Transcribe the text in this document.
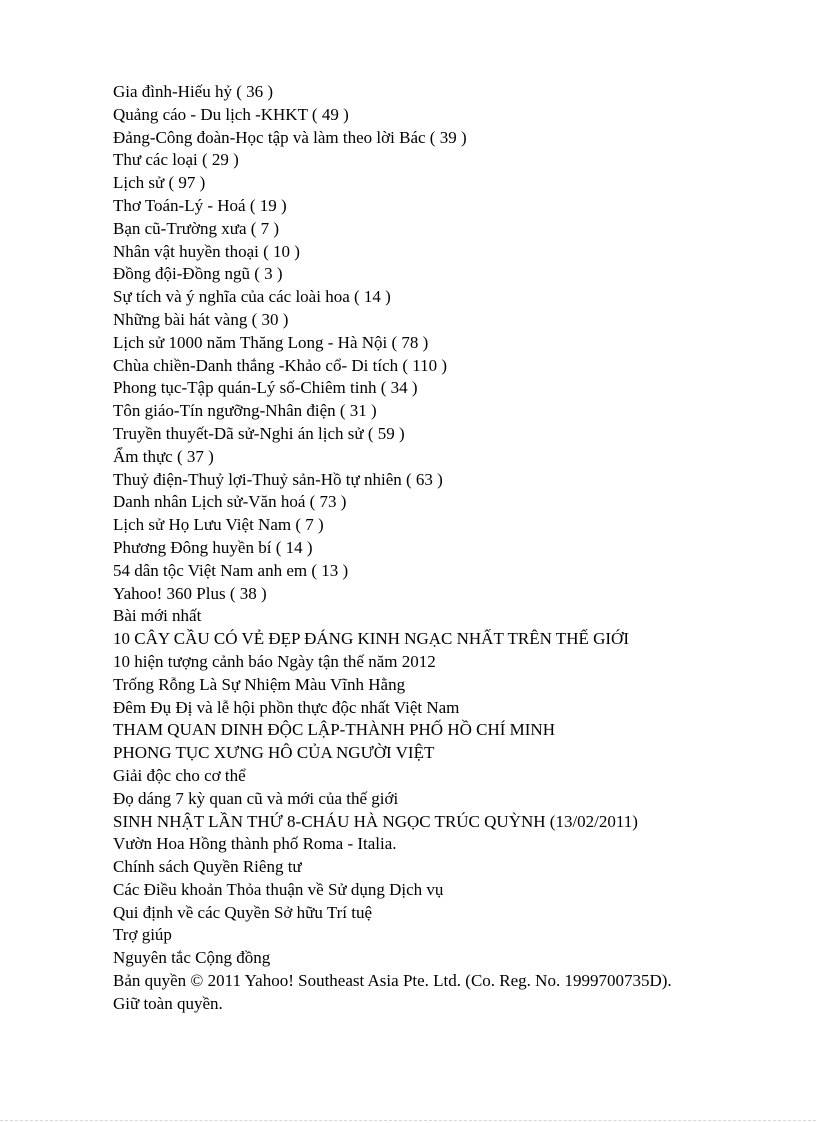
Gia đình-Hiếu hỷ ( 36 )
Quảng cáo - Du lịch -KHKT ( 49 )
Đảng-Công đoàn-Học tập và làm theo lời Bác ( 39 )
Thư các loại ( 29 )
Lịch sử ( 97 )
Thơ Toán-Lý - Hoá ( 19 )
Bạn cũ-Trường xưa ( 7 )
Nhân vật huyền thoại ( 10 )
Đồng đội-Đồng ngũ ( 3 )
Sự tích và ý nghĩa của các loài hoa ( 14 )
Những bài hát vàng ( 30 )
Lịch sử 1000 năm Thăng Long - Hà Nội ( 78 )
Chùa chiền-Danh thắng -Khảo cổ- Di tích ( 110 )
Phong tục-Tập quán-Lý số-Chiêm tinh ( 34 )
Tôn giáo-Tín ngưỡng-Nhân điện ( 31 )
Truyền thuyết-Dã sử-Nghi án lịch sử ( 59 )
Ẩm thực ( 37 )
Thuỷ điện-Thuỷ lợi-Thuỷ sản-Hồ tự nhiên ( 63 )
Danh nhân Lịch sử-Văn hoá ( 73 )
Lịch sử Họ Lưu Việt Nam ( 7 )
Phương Đông huyền bí ( 14 )
54 dân tộc Việt Nam anh em ( 13 )
Yahoo! 360 Plus ( 38 )
Bài mới nhất
10 CÂY CẦU CÓ VẺ ĐẸP ĐÁNG KINH NGẠC NHẤT TRÊN THẾ GIỚI
10 hiện tượng cảnh báo Ngày tận thế năm 2012
Trống Rỗng Là Sự Nhiệm Màu Vĩnh Hằng
Đêm Đụ Đị và lễ hội phồn thực độc nhất Việt Nam
THAM QUAN DINH ĐỘC LẬP-THÀNH PHỐ HỒ CHÍ MINH
PHONG TỤC XƯNG HÔ CỦA NGƯỜI VIỆT
Giải độc cho cơ thể
Đọ dáng 7 kỳ quan cũ và mới của thế giới
SINH NHẬT LẦN THỨ 8-CHÁU HÀ NGỌC TRÚC QUỲNH (13/02/2011)
Vườn Hoa Hồng thành phố Roma - Italia.
Chính sách Quyền Riêng tư
Các Điều khoản Thỏa thuận về Sử dụng Dịch vụ
Qui định về các Quyền Sở hữu Trí tuệ
Trợ giúp
Nguyên tắc Cộng đồng
Bản quyền © 2011 Yahoo! Southeast Asia Pte. Ltd. (Co. Reg. No. 1999700735D).
Giữ toàn quyền.
